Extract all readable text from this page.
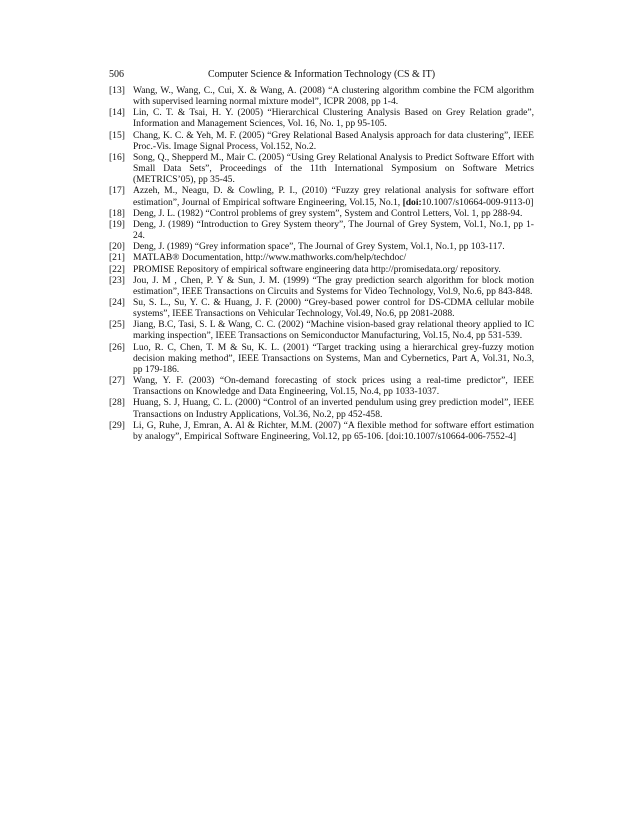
506	Computer Science & Information Technology (CS & IT)
[13] Wang, W., Wang, C., Cui, X. & Wang, A. (2008) “A clustering algorithm combine the FCM algorithm with supervised learning normal mixture model”, ICPR 2008, pp 1-4.
[14] Lin, C. T. & Tsai, H. Y. (2005) “Hierarchical Clustering Analysis Based on Grey Relation grade”, Information and Management Sciences, Vol. 16, No. 1, pp 95-105.
[15] Chang, K. C. & Yeh, M. F. (2005) “Grey Relational Based Analysis approach for data clustering”, IEEE Proc.-Vis. Image Signal Process, Vol.152, No.2.
[16] Song, Q., Shepperd M., Mair C. (2005) “Using Grey Relational Analysis to Predict Software Effort with Small Data Sets”, Proceedings of the 11th International Symposium on Software Metrics (METRICS’05), pp 35-45.
[17] Azzeh, M., Neagu, D. & Cowling, P. I., (2010) “Fuzzy grey relational analysis for software effort estimation”, Journal of Empirical software Engineering, Vol.15, No.1, [doi:10.1007/s10664-009-9113-0]
[18] Deng, J. L. (1982) “Control problems of grey system”, System and Control Letters, Vol. 1, pp 288-94.
[19] Deng, J. (1989) “Introduction to Grey System theory”, The Journal of Grey System, Vol.1, No.1, pp 1-24.
[20] Deng, J. (1989) “Grey information space”, The Journal of Grey System, Vol.1, No.1, pp 103-117.
[21] MATLAB® Documentation, http://www.mathworks.com/help/techdoc/
[22] PROMISE Repository of empirical software engineering data http://promisedata.org/ repository.
[23] Jou, J. M , Chen, P. Y & Sun, J. M. (1999) “The gray prediction search algorithm for block motion estimation”, IEEE Transactions on Circuits and Systems for Video Technology, Vol.9, No.6, pp 843-848.
[24] Su, S. L., Su, Y. C. & Huang, J. F. (2000) “Grey-based power control for DS-CDMA cellular mobile systems”, IEEE Transactions on Vehicular Technology, Vol.49, No.6, pp 2081-2088.
[25] Jiang, B.C, Tasi, S. L & Wang, C. C. (2002) “Machine vision-based gray relational theory applied to IC marking inspection”, IEEE Transactions on Semiconductor Manufacturing, Vol.15, No.4, pp 531-539.
[26] Luo, R. C, Chen, T. M & Su, K. L. (2001) “Target tracking using a hierarchical grey-fuzzy motion decision making method”, IEEE Transactions on Systems, Man and Cybernetics, Part A, Vol.31, No.3, pp 179-186.
[27] Wang, Y. F. (2003) “On-demand forecasting of stock prices using a real-time predictor”, IEEE Transactions on Knowledge and Data Engineering, Vol.15, No.4, pp 1033-1037.
[28] Huang, S. J, Huang, C. L. (2000) “Control of an inverted pendulum using grey prediction model”, IEEE Transactions on Industry Applications, Vol.36, No.2, pp 452-458.
[29] Li, G, Ruhe, J, Emran, A. Al & Richter, M.M. (2007) “A flexible method for software effort estimation by analogy”, Empirical Software Engineering, Vol.12, pp 65-106. [doi:10.1007/s10664-006-7552-4]
